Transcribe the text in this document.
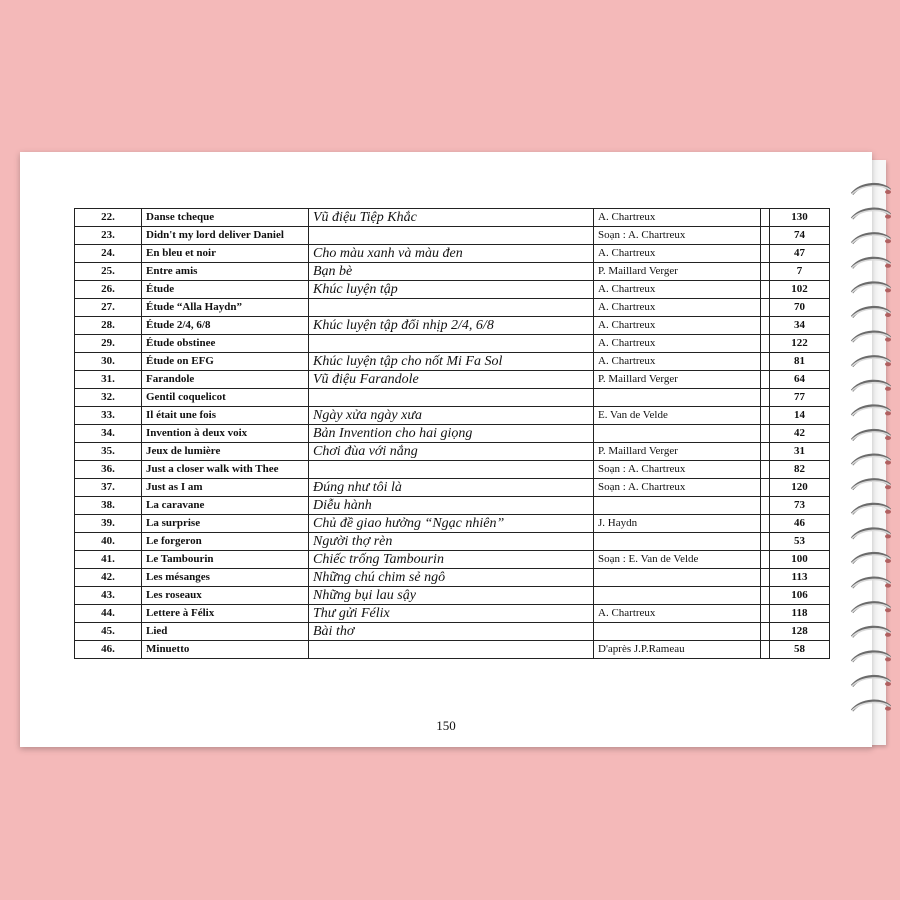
22.	Danse tcheque	Vũ điệu Tiệp Khắc	A. Chartreux		130
23.	Didn't my lord deliver Daniel		Soạn : A. Chartreux		74
24.	En bleu et noir	Cho màu xanh và màu đen	A. Chartreux		47
25.	Entre amis	Bạn bè	P. Maillard Verger		7
26.	Étude	Khúc luyện tập	A. Chartreux		102
27.	Étude “Alla Haydn”		A. Chartreux		70
28.	Étude 2/4, 6/8	Khúc luyện tập đổi nhịp 2/4, 6/8	A. Chartreux		34
29.	Étude obstinee		A. Chartreux		122
30.	Étude on EFG	Khúc luyện tập cho nốt Mi Fa Sol	A. Chartreux		81
31.	Farandole	Vũ điệu Farandole	P. Maillard Verger		64
32.	Gentil coquelicot				77
33.	Il était une fois	Ngày xửa ngày xưa	E. Van de Velde		14
34.	Invention à deux voix	Bản Invention cho hai giọng			42
35.	Jeux de lumière	Chơi đùa với nắng	P. Maillard Verger		31
36.	Just a closer walk with Thee		Soạn : A. Chartreux		82
37.	Just as I am	Đúng như tôi là	Soạn : A. Chartreux		120
38.	La caravane	Diễu hành			73
39.	La surprise	Chủ đề giao hưởng “Ngạc nhiên”	J. Haydn		46
40.	Le forgeron	Người thợ rèn			53
41.	Le Tambourin	Chiếc trống Tambourin	Soạn : E. Van de Velde		100
42.	Les mésanges	Những chú chim sẻ ngô			113
43.	Les roseaux	Những bụi lau sậy			106
44.	Lettere à Félix	Thư gửi Félix	A. Chartreux		118
45.	Lied	Bài thơ			128
46.	Minuetto		D'après J.P.Rameau		58
150
